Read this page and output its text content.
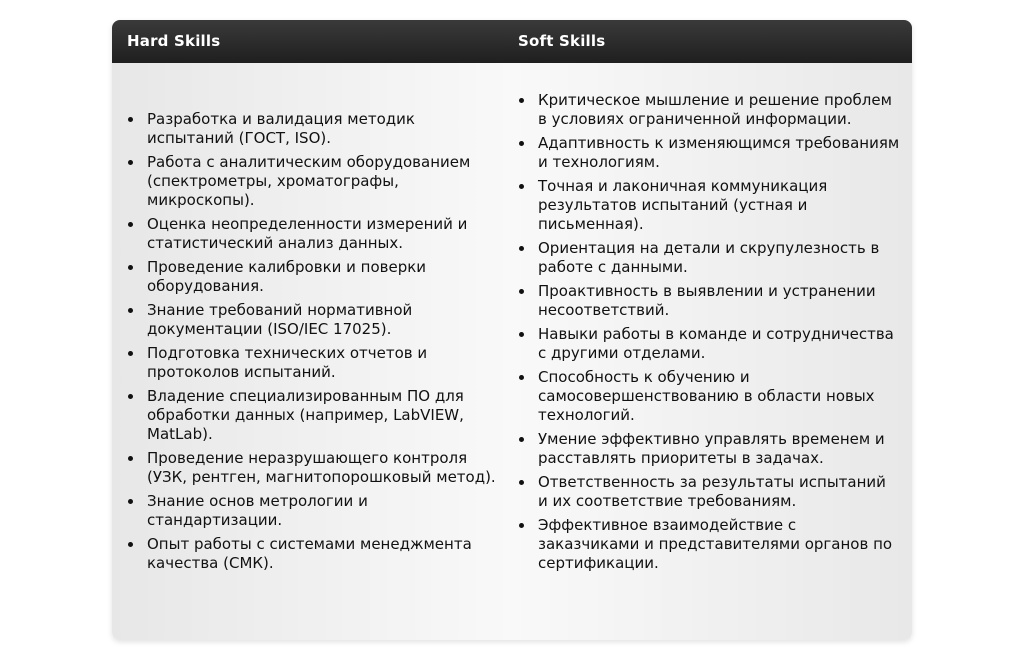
Hard Skills	Soft Skills
Разработка и валидация методик испытаний (ГОСТ, ISO).
Работа с аналитическим оборудованием (спектрометры, хроматографы, микроскопы).
Оценка неопределенности измерений и статистический анализ данных.
Проведение калибровки и поверки оборудования.
Знание требований нормативной документации (ISO/IEC 17025).
Подготовка технических отчетов и протоколов испытаний.
Владение специализированным ПО для обработки данных (например, LabVIEW, MatLab).
Проведение неразрушающего контроля (УЗК, рентген, магнитопорошковый метод).
Знание основ метрологии и стандартизации.
Опыт работы с системами менеджмента качества (СМК).
Критическое мышление и решение проблем в условиях ограниченной информации.
Адаптивность к изменяющимся требованиям и технологиям.
Точная и лаконичная коммуникация результатов испытаний (устная и письменная).
Ориентация на детали и скрупулезность в работе с данными.
Проактивность в выявлении и устранении несоответствий.
Навыки работы в команде и сотрудничества с другими отделами.
Способность к обучению и самосовершенствованию в области новых технологий.
Умение эффективно управлять временем и расставлять приоритеты в задачах.
Ответственность за результаты испытаний и их соответствие требованиям.
Эффективное взаимодействие с заказчиками и представителями органов по сертификации.
